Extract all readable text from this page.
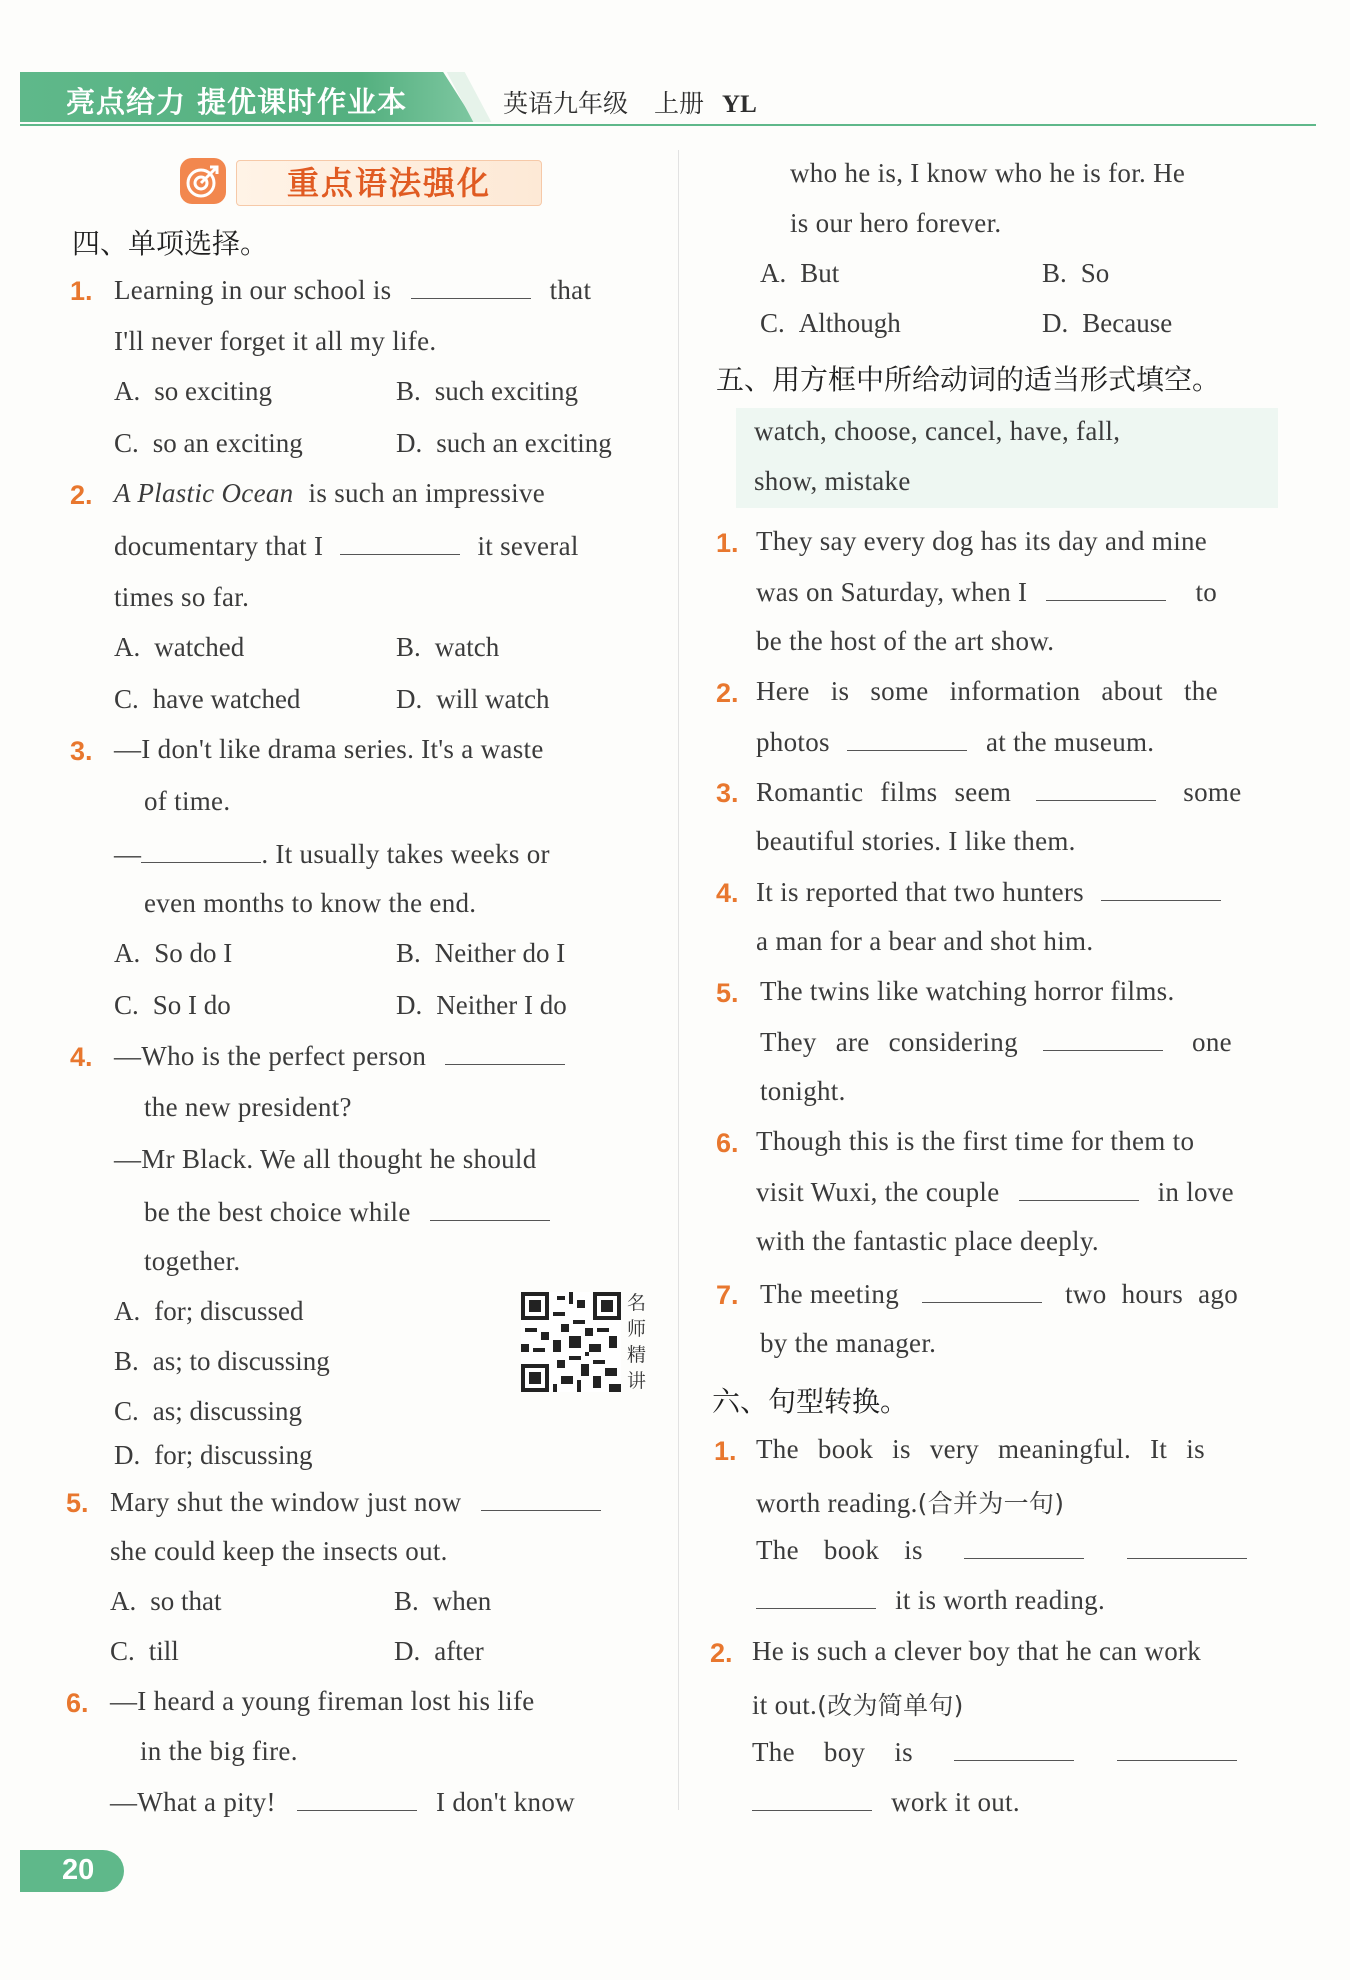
亮点给力 提优课时作业本	英语九年级 上册 YL
重点语法强化
四、单项选择。
1. Learning in our school is	that
I'll never forget it all my life.
A. so exciting	B. such exciting
C. so an exciting	D. such an exciting
2. A Plastic Ocean is such an impressive
documentary that I	it several
times so far.
A. watched	B. watch
C. have watched	D. will watch
3. —I don't like drama series. It's a waste
of time.
—	. It usually takes weeks or
even months to know the end.
A. So do I	B. Neither do I
C. So I do	D. Neither I do
4. —Who is the perfect person
the new president?
—Mr Black. We all thought he should
be the best choice while
together.
A. for; discussed
B. as; to discussing
C. as; discussing
D. for; discussing
名
师
精
讲
5. Mary shut the window just now
she could keep the insects out.
A. so that	B. when
C. till	D. after
6. —I heard a young fireman lost his life
in the big fire.
—What a pity!	I don't know
who he is, I know who he is for. He
is our hero forever.
A. But	B. So
C. Although	D. Because
五、用方框中所给动词的适当形式填空。
watch, choose, cancel, have, fall,
show, mistake
1. They say every dog has its day and mine
was on Saturday, when I	to
be the host of the art show.
2. Here is some information about the
photos	at the museum.
3. Romantic films seem	some
beautiful stories. I like them.
4. It is reported that two hunters
a man for a bear and shot him.
5. The twins like watching horror films.
They are considering	one
tonight.
6. Though this is the first time for them to
visit Wuxi, the couple	in love
with the fantastic place deeply.
7. The meeting	two hours ago
by the manager.
六、句型转换。
1. The book is very meaningful. It is
worth reading.(合并为一句)
The book is
it is worth reading.
2. He is such a clever boy that he can work
it out.(改为简单句)
The boy is
work it out.
20
